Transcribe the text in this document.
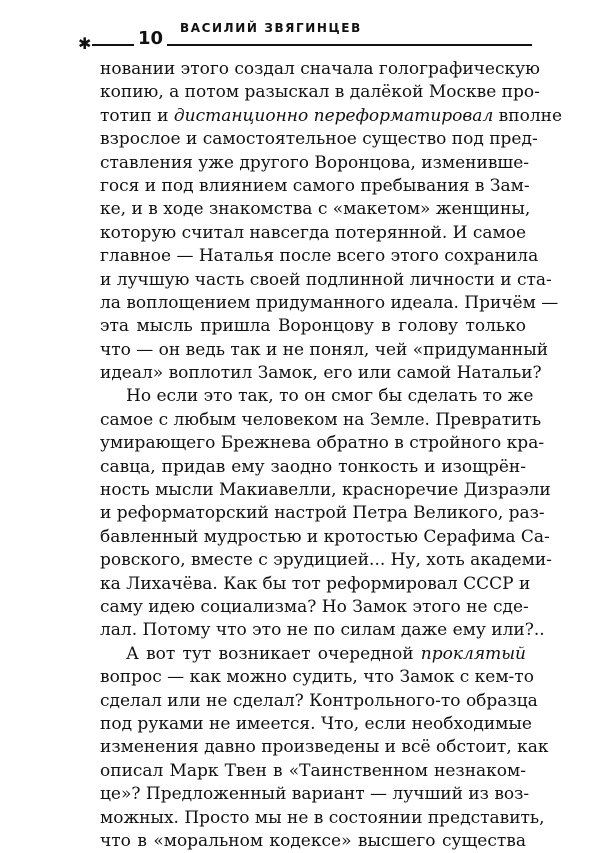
✱	10	ВАСИЛИЙ ЗВЯГИНЦЕВ

новании этого создал сначала голографическую
копию, а потом разыскал в далёкой Москве про-
тотип и дистанционно переформатировал вполне
взрослое и самостоятельное существо под пред-
ставления уже другого Воронцова, изменивше-
гося и под влиянием самого пребывания в Зам-
ке, и в ходе знакомства с «макетом» женщины,
которую считал навсегда потерянной. И самое
главное — Наталья после всего этого сохранила
и лучшую часть своей подлинной личности и ста-
ла воплощением придуманного идеала. Причём —
эта мысль пришла Воронцову в голову только
что — он ведь так и не понял, чей «придуманный
идеал» воплотил Замок, его или самой Натальи?

Но если это так, то он смог бы сделать то же
самое с любым человеком на Земле. Превратить
умирающего Брежнева обратно в стройного кра-
савца, придав ему заодно тонкость и изощрён-
ность мысли Макиавелли, красноречие Дизраэли
и реформаторский настрой Петра Великого, раз-
бавленный мудростью и кротостью Серафима Са-
ровского, вместе с эрудицией... Ну, хоть академи-
ка Лихачёва. Как бы тот реформировал СССР и
саму идею социализма? Но Замок этого не сде-
лал. Потому что это не по силам даже ему или?..

А вот тут возникает очередной проклятый
вопрос — как можно судить, что Замок с кем-то
сделал или не сделал? Контрольного-то образца
под руками не имеется. Что, если необходимые
изменения давно произведены и всё обстоит, как
описал Марк Твен в «Таинственном незнаком-
це»? Предложенный вариант — лучший из воз-
можных. Просто мы не в состоянии представить,
что в «моральном кодексе» высшего существа
